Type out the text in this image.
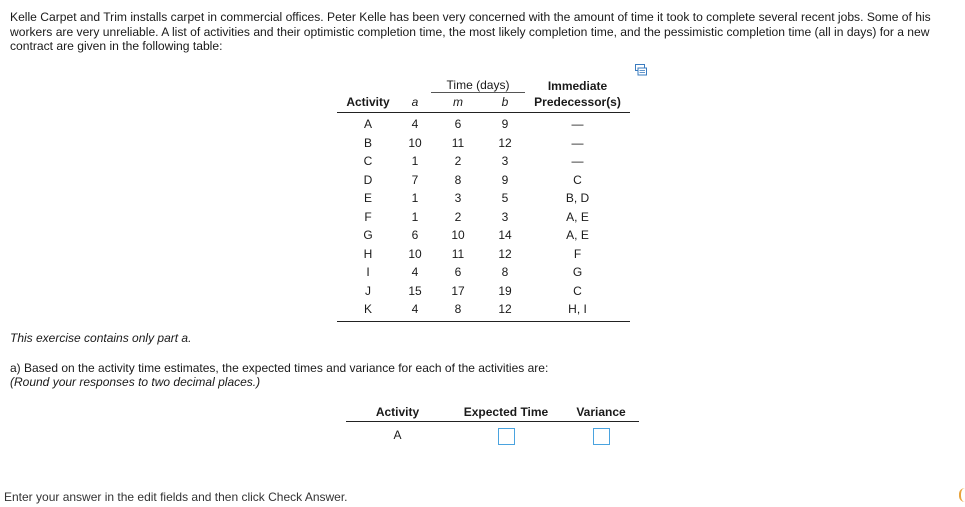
Kelle Carpet and Trim installs carpet in commercial offices. Peter Kelle has been very concerned with the amount of time it took to complete several recent jobs. Some of his workers are very unreliable. A list of activities and their optimistic completion time, the most likely completion time, and the pessimistic completion time (all in days) for a new contract are given in the following table:
		Time (days)		Immediate
Activity	a	m	b	Predecessor(s)
A	4	6	9	—
B	10	11	12	—
C	1	2	3	—
D	7	8	9	C
E	1	3	5	B, D
F	1	2	3	A, E
G	6	10	14	A, E
H	10	11	12	F
I	4	6	8	G
J	15	17	19	C
K	4	8	12	H, I
This exercise contains only part a.
a) Based on the activity time estimates, the expected times and variance for each of the activities are:
(Round your responses to two decimal places.)
Activity	Expected Time	Variance
A		
Enter your answer in the edit fields and then click Check Answer.
